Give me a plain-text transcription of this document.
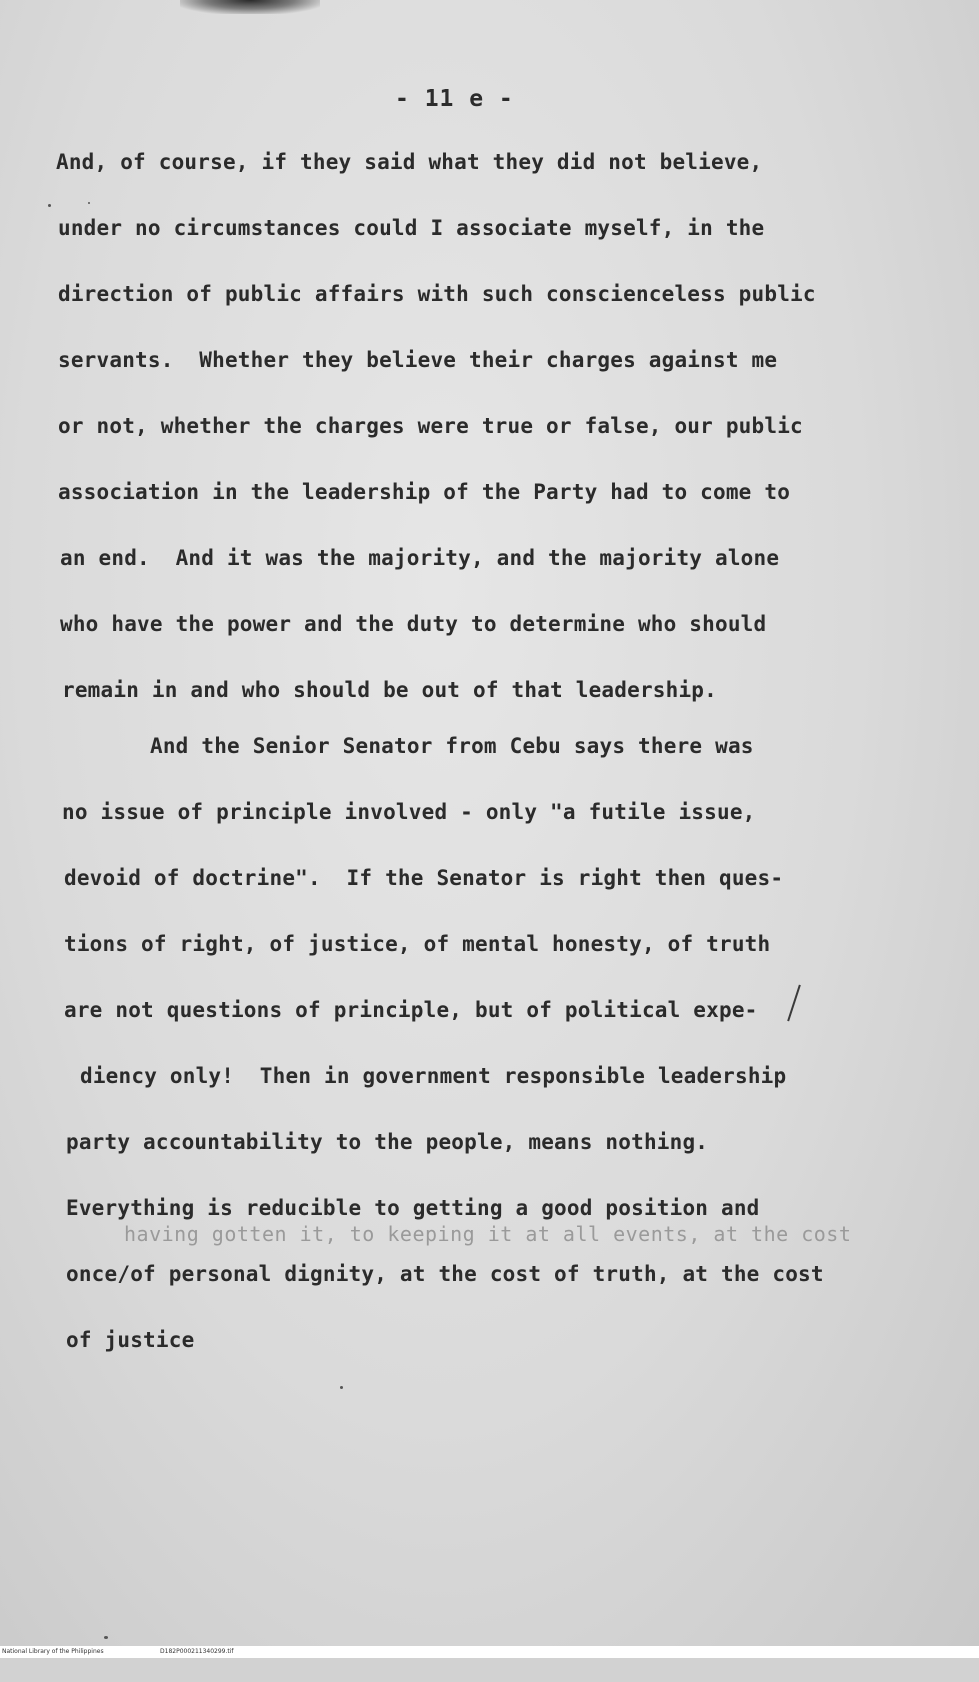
- 11 e -
And, of course, if they said what they did not believe,
under no circumstances could I associate myself, in the
direction of public affairs with such conscienceless public
servants.  Whether they believe their charges against me
or not, whether the charges were true or false, our public
association in the leadership of the Party had to come to
an end.  And it was the majority, and the majority alone
who have the power and the duty to determine who should
remain in and who should be out of that leadership.
And the Senior Senator from Cebu says there was
no issue of principle involved - only "a futile issue,
devoid of doctrine".  If the Senator is right then ques-
tions of right, of justice, of mental honesty, of truth
are not questions of principle, but of political expe-
diency only!  Then in government responsible leadership
party accountability to the people, means nothing.
Everything is reducible to getting a good position and
having gotten it, to keeping it at all events, at the cost
once/of personal dignity, at the cost of truth, at the cost
of justice

National Library of the Philippines

	D182P000211340299.tif
